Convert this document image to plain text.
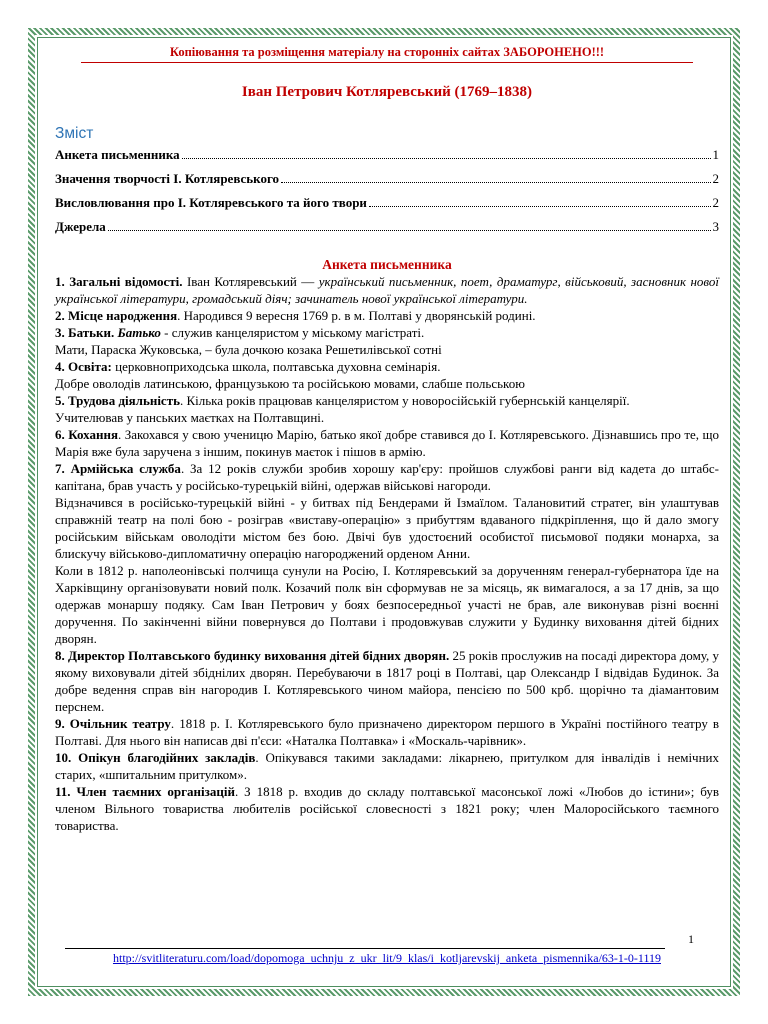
Копіювання та розміщення матеріалу на сторонніх сайтах ЗАБОРОНЕНО!!!
Іван Петрович Котляревський (1769–1838)
Зміст
Анкета письменника	1
Значення творчості І. Котляревського	2
Висловлювання про І. Котляревського та його твори	2
Джерела	3
Анкета письменника

1. Загальні відомості. Іван Котляревський — український письменник, поет, драматург, військовий, засновник нової української літератури, громадський діяч; зачинатель нової української літератури.

2. Місце народження. Народився 9 вересня 1769 р. в м. Полтаві у дворянській родині.

3. Батьки. Батько - служив канцеляристом у міському магістраті.

Мати, Параска Жуковська, – була дочкою козака Решетилівської сотні

4. Освіта: церковноприходська школа, полтавська духовна семінарія.

Добре оволодів латинською, французькою та російською мовами, слабше польською

5. Трудова діяльність. Кілька років працював канцеляристом у новоросійській губернській канцелярії.

Учителював у панських маєтках на Полтавщині.

6. Кохання. Закохався у свою ученицю Марію, батько якої добре ставився до І. Котляревського. Дізнавшись про те, що Марія вже була заручена з іншим, покинув маєток і пішов в армію.

7. Армійська служба. За 12 років служби зробив хорошу кар'єру: пройшов службові ранги від кадета до штабс-капітана, брав участь у російсько-турецькій війні, одержав військові нагороди.

Відзначився в російсько-турецькій війні - у битвах під Бендерами й Ізмаїлом. Талановитий стратег, він улаштував справжній театр на полі бою - розіграв «виставу-операцію» з прибуттям вдаваного підкріплення, що й дало змогу російським військам оволодіти містом без бою. Двічі був удостоєний особистої письмової подяки монарха, за блискучу військово-дипломатичну операцію нагороджений орденом Анни.

Коли в 1812 р. наполеонівські полчища сунули на Росію, І. Котляревський за дорученням генерал-губернатора їде на Харківщину організовувати новий полк. Козачий полк він сформував не за місяць, як вимагалося, а за 17 днів, за що одержав монаршу подяку. Сам Іван Петрович у боях безпосередньої участі не брав, але виконував різні воєнні доручення. По закінченні війни повернувся до Полтави і продовжував служити у Будинку виховання дітей бідних дворян.

8. Директор Полтавського будинку виховання дітей бідних дворян. 25 років прослужив на посаді директора дому, у якому виховували дітей збіднілих дворян. Перебуваючи в 1817 році в Полтаві, цар Олександр I відвідав Будинок. За добре ведення справ він нагородив І. Котляревського чином майора, пенсією по 500 крб. щорічно та діамантовим перснем.

9. Очільник театру. 1818 р. І. Котляревського було призначено директором першого в Україні постійного театру в Полтаві. Для нього він написав дві п'єси: «Наталка Полтавка» і «Москаль-чарівник».

10. Опікун благодійних закладів. Опікувався такими закладами: лікарнею, притулком для інвалідів і немічних старих, «шпитальним притулком».

11. Член таємних організацій. З 1818 р. входив до складу полтавської масонської ложі «Любов до істини»; був членом Вільного товариства любителів російської словесності з 1821 року; член Малоросійського таємного товариства.

1
http://svitliteraturu.com/load/dopomoga_uchnju_z_ukr_lit/9_klas/i_kotljarevskij_anketa_pismennika/63-1-0-1119
